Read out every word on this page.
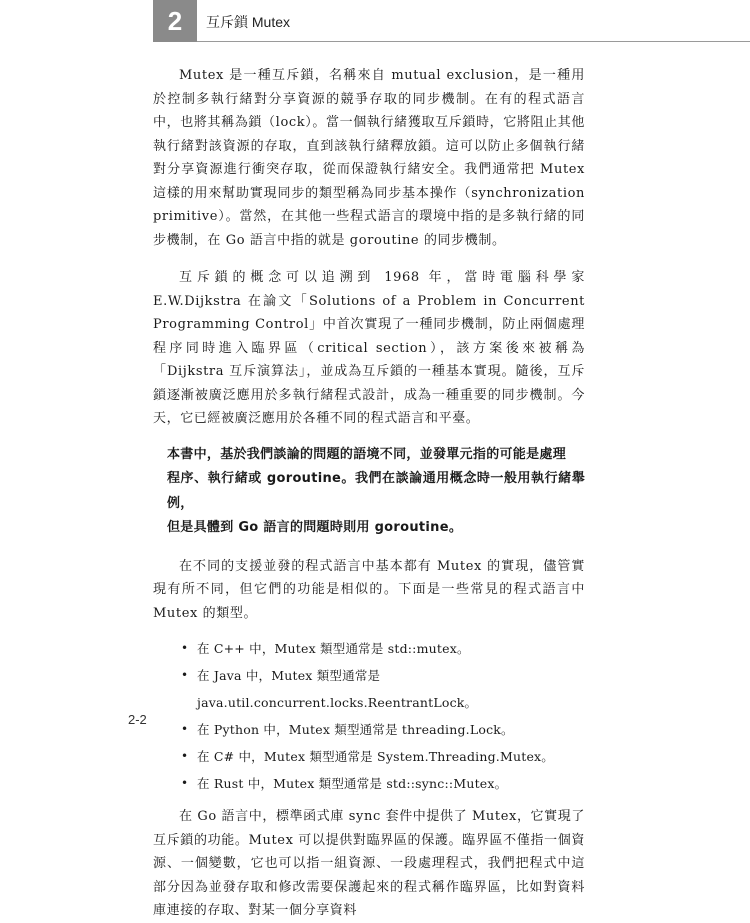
2	互斥鎖 Mutex

Mutex 是一種互斥鎖，名稱來自 mutual exclusion，是一種用於控制多執行緒對分享資源的競爭存取的同步機制。在有的程式語言中，也將其稱為鎖（lock）。當一個執行緒獲取互斥鎖時，它將阻止其他執行緒對該資源的存取，直到該執行緒釋放鎖。這可以防止多個執行緒對分享資源進行衝突存取，從而保證執行緒安全。我們通常把 Mutex 這樣的用來幫助實現同步的類型稱為同步基本操作（synchronization primitive）。當然，在其他一些程式語言的環境中指的是多執行緒的同步機制，在 Go 語言中指的就是 goroutine 的同步機制。

互斥鎖的概念可以追溯到 1968 年，當時電腦科學家 E.W.Dijkstra 在論文「Solutions of a Problem in Concurrent Programming Control」中首次實現了一種同步機制，防止兩個處理程序同時進入臨界區（critical section），該方案後來被稱為「Dijkstra 互斥演算法」，並成為互斥鎖的一種基本實現。隨後，互斥鎖逐漸被廣泛應用於多執行緒程式設計，成為一種重要的同步機制。今天，它已經被廣泛應用於各種不同的程式語言和平臺。

本書中，基於我們談論的問題的語境不同，並發單元指的可能是處理

程序、執行緒或 goroutine。我們在談論通用概念時一般用執行緒舉例，

但是具體到 Go 語言的問題時則用 goroutine。

在不同的支援並發的程式語言中基本都有 Mutex 的實現，儘管實現有所不同，但它們的功能是相似的。下面是一些常見的程式語言中 Mutex 的類型。

• 在 C++ 中，Mutex 類型通常是 std::mutex。
• 在 Java 中，Mutex 類型通常是 java.util.concurrent.locks.ReentrantLock。
• 在 Python 中，Mutex 類型通常是 threading.Lock。
• 在 C# 中，Mutex 類型通常是 System.Threading.Mutex。
• 在 Rust 中，Mutex 類型通常是 std::sync::Mutex。

在 Go 語言中，標準函式庫 sync 套件中提供了 Mutex，它實現了互斥鎖的功能。Mutex 可以提供對臨界區的保護。臨界區不僅指一個資源、一個變數，它也可以指一組資源、一段處理程式，我們把程式中這部分因為並發存取和修改需要保護起來的程式稱作臨界區，比如對資料庫連接的存取、對某一個分享資料

2-2
